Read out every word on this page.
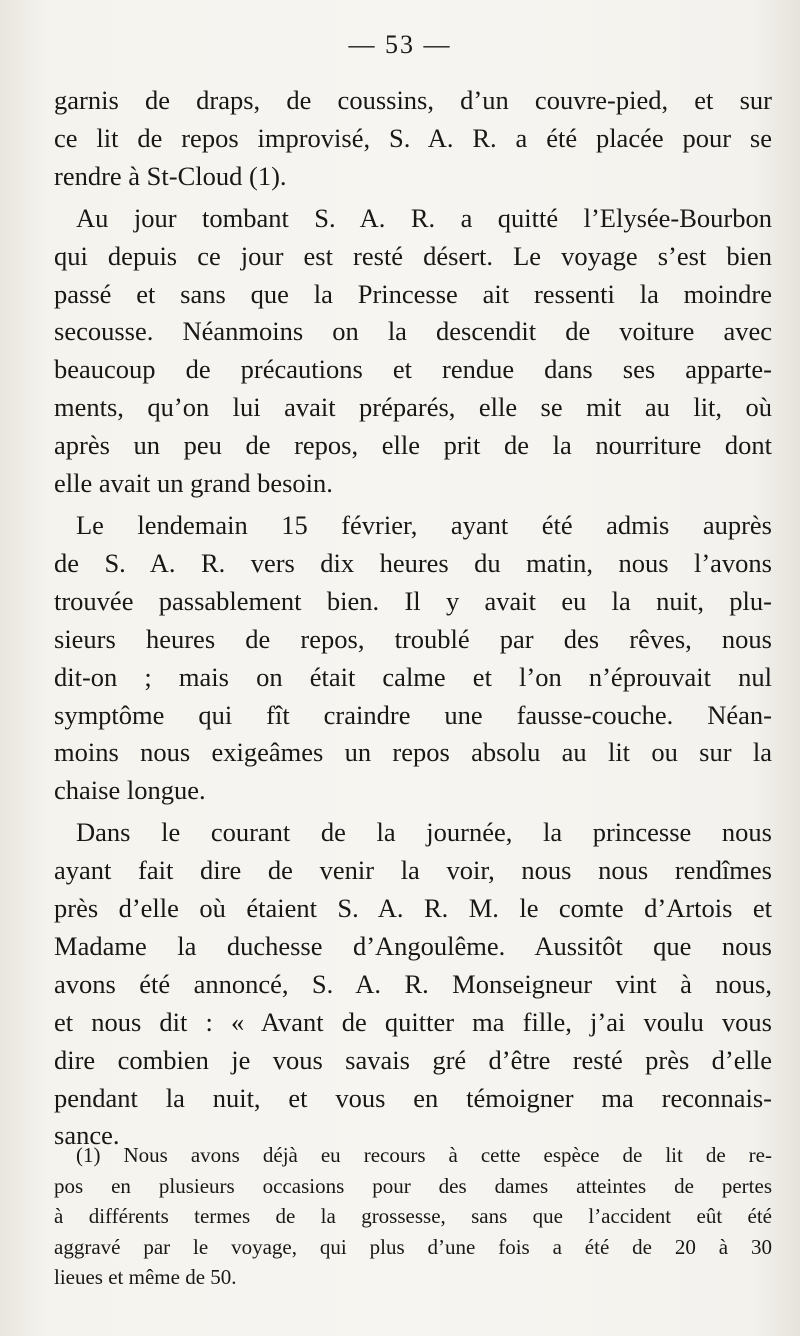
— 53 —
garnis de draps, de coussins, d’un couvre-pied, et sur
ce lit de repos improvisé, S. A. R. a été placée pour se
rendre à St-Cloud (1).
Au jour tombant S. A. R. a quitté l’Elysée-Bourbon
qui depuis ce jour est resté désert. Le voyage s’est bien
passé et sans que la Princesse ait ressenti la moindre
secousse. Néanmoins on la descendit de voiture avec
beaucoup de précautions et rendue dans ses apparte-
ments, qu’on lui avait préparés, elle se mit au lit, où
après un peu de repos, elle prit de la nourriture dont
elle avait un grand besoin.
Le lendemain 15 février, ayant été admis auprès
de S. A. R. vers dix heures du matin, nous l’avons
trouvée passablement bien. Il y avait eu la nuit, plu-
sieurs heures de repos, troublé par des rêves, nous
dit-on ; mais on était calme et l’on n’éprouvait nul
symptôme qui fît craindre une fausse-couche. Néan-
moins nous exigeâmes un repos absolu au lit ou sur la
chaise longue.
Dans le courant de la journée, la princesse nous
ayant fait dire de venir la voir, nous nous rendîmes
près d’elle où étaient S. A. R. M. le comte d’Artois et
Madame la duchesse d’Angoulême. Aussitôt que nous
avons été annoncé, S. A. R. Monseigneur vint à nous,
et nous dit : « Avant de quitter ma fille, j’ai voulu vous
dire combien je vous savais gré d’être resté près d’elle
pendant la nuit, et vous en témoigner ma reconnais-
sance.
(1) Nous avons déjà eu recours à cette espèce de lit de re-
pos en plusieurs occasions pour des dames atteintes de pertes
à différents termes de la grossesse, sans que l’accident eût été
aggravé par le voyage, qui plus d’une fois a été de 20 à 30
lieues et même de 50.
